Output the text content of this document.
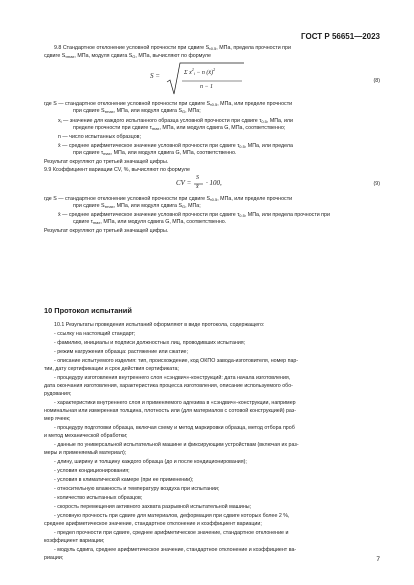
ГОСТ Р 56651—2023
9.8 Стандартное отклонение условной прочности при сдвиге $S_{\tau 0.5}$, МПа, предела прочности при
сдвиге $S_{\tau max}$, МПа, модуля сдвига $S_G$, МПа, вычисляют по формуле
S =	Σ $x^2_i - n$ (x̄)$^2$
n − 1
(8)
где S — стандартное отклонение условной прочности при сдвиге $S_{\tau 0.5}$, МПа, или пределе прочности
при сдвиге $S_{\tau max}$, МПа, или модуля сдвига $S_G$, МПа;
$x_i$ — значение для каждого испытанного образца условной прочности при сдвиге $\tau_{0.5}$, МПа, или
пределе прочности при сдвиге $\tau_{max}$, МПа, или модуля сдвига G, МПа, соответственно;
n — число испытанных образцов;
x̄ — среднее арифметическое значение условной прочности при сдвиге $\tau_{0.5}$, МПа, или предела
при сдвиге $\tau_{max}$, МПа, или модуля сдвига G, МПа, соответственно.
Результат округляют до третьей значащей цифры.
9.9 Коэффициент вариации CV, %, вычисляют по формуле
CV =
S
x̄ · 100,	(9)
где S — стандартное отклонение условной прочности при сдвиге $S_{\tau 0.5}$, МПа, или пределе прочности
при сдвиге $S_{\tau max}$, МПа, или модуля сдвига $S_G$, МПа;
x̄ — среднее арифметическое значение условной прочности при сдвиге $\tau_{0.5}$, МПа, или предела прочности при
сдвиге $\tau_{max}$, МПа, или модуля сдвига G, МПа, соответственно.
Результат округляют до третьей значащей цифры.
10 Протокол испытаний
10.1 Результаты проведения испытаний оформляют в виде протокола, содержащего:
- ссылку на настоящий стандарт;
- фамилию, инициалы и подписи должностных лиц, проводивших испытания;
- режим нагружения образца: растяжение или сжатие;
- описание испытуемого изделия: тип, происхождение, код ОКПО завода-изготовителя, номер пар-
тии, дату сертификации и срок действия сертификата;
- процедуру изготовления внутреннего слоя «сэндвич»-конструкций: дата начала изготовления,
дата окончания изготовления, характеристика процесса изготовления, описание используемого обо-
рудования;
- характеристики внутреннего слоя и применяемого адгезива в «сэндвич»-конструкции, например
номинальная или измеренная толщина, плотность или (для материалов с сотовой конструкцией) раз-
мер ячеек;
- процедуру подготовки образца, включая схему и метод маркировки образца, метод отбора проб
и метод механической обработки;
- данные по универсальной испытательной машине и фиксирующим устройствам (включая их раз-
меры и применяемый материал);
- длину, ширину и толщину каждого образца (до и после кондиционирования);
- условия кондиционирования;
- условия в климатической камере (при ее применении);
- относительную влажность и температуру воздуха при испытании;
- количество испытанных образцов;
- скорость перемещения активного захвата разрывной испытательной машины;
- условную прочность при сдвиге для материалов, деформация при сдвиге которых более 2 %,
среднее арифметическое значение, стандартное отклонение и коэффициент вариации;
- предел прочности при сдвиге, среднее арифметическое значение, стандартное отклонение и
коэффициент вариации;
- модуль сдвига, среднее арифметическое значение, стандартное отклонение и коэффициент ва-
риации;	7
